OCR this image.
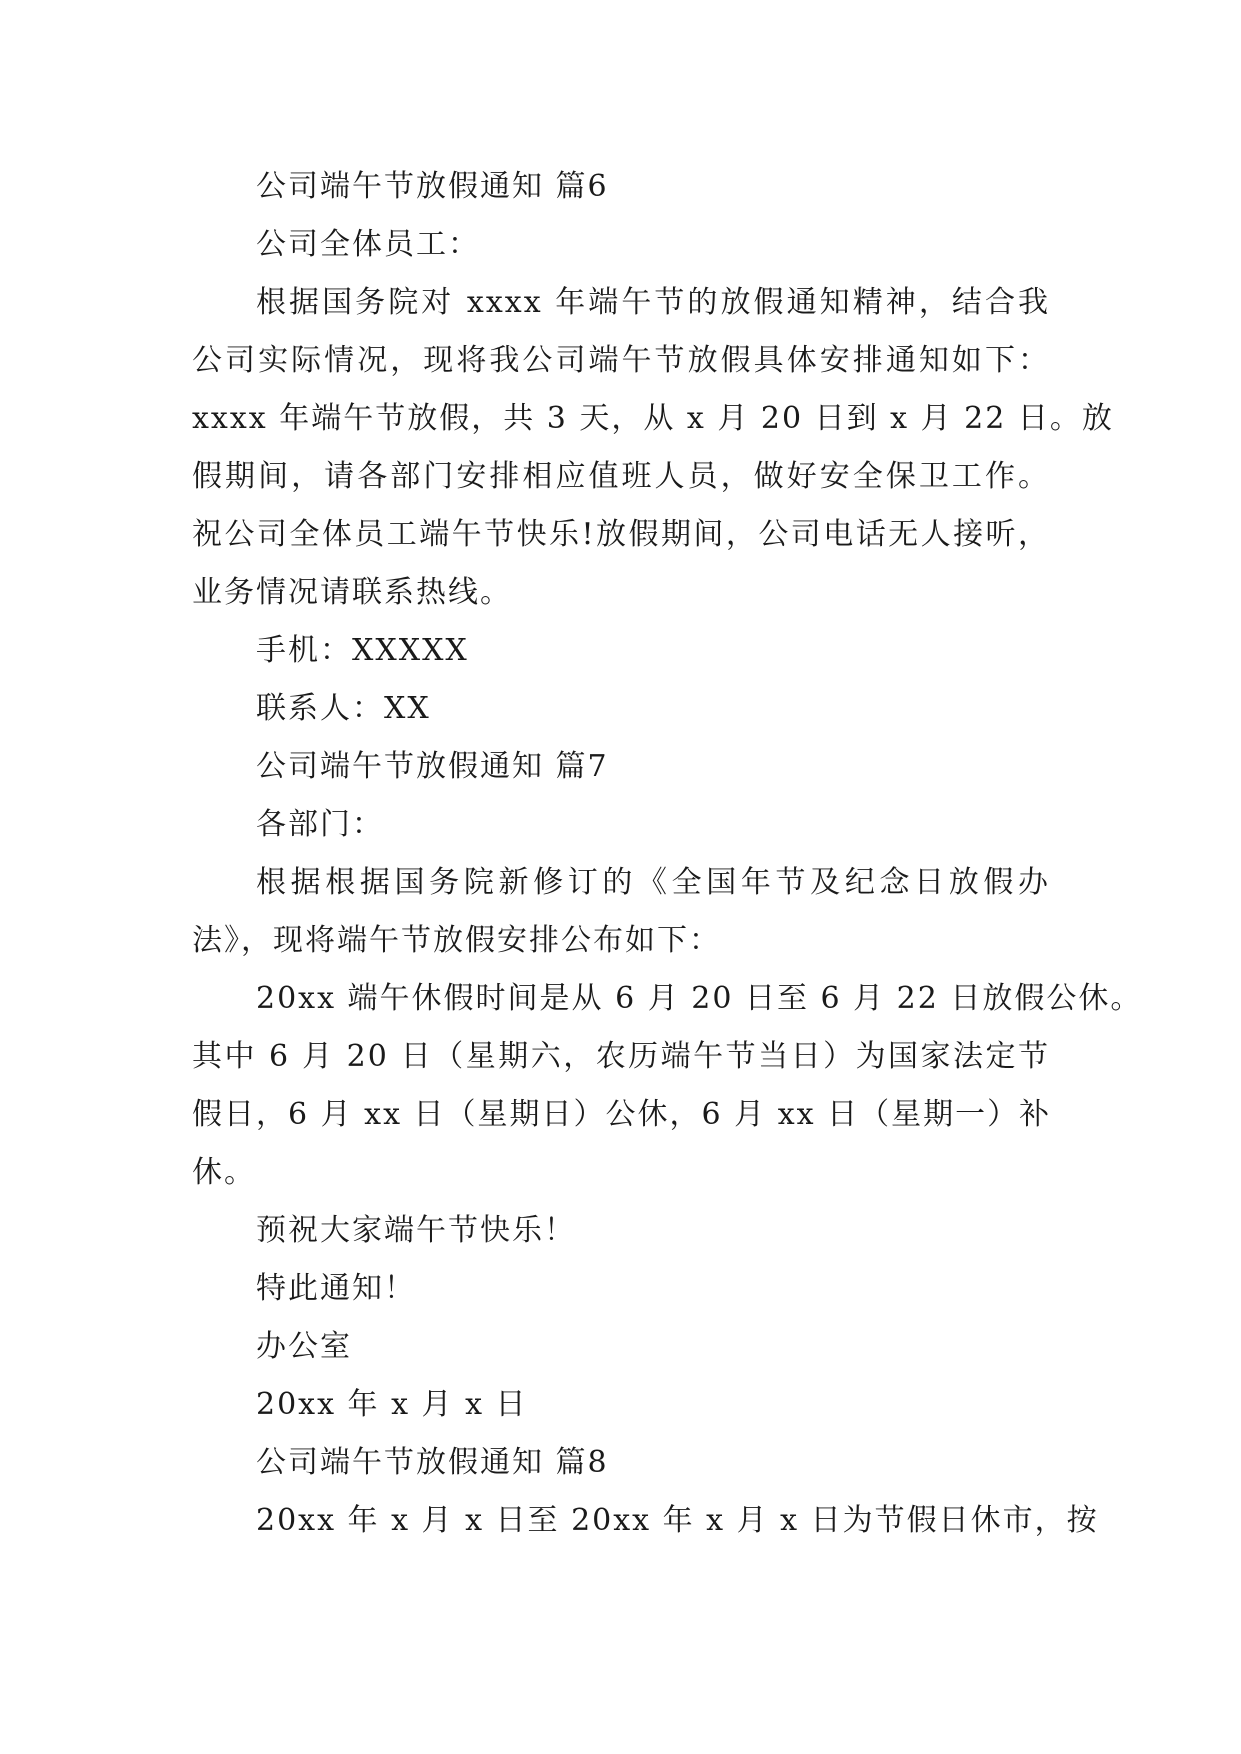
公司端午节放假通知 篇6
公司全体员工：
根据国务院对 xxxx 年端午节的放假通知精神，结合我
公司实际情况，现将我公司端午节放假具体安排通知如下：
xxxx 年端午节放假，共 3 天，从 x 月 20 日到 x 月 22 日。放
假期间，请各部门安排相应值班人员，做好安全保卫工作。
祝公司全体员工端午节快乐!放假期间，公司电话无人接听，
业务情况请联系热线。
手机：XXXXX
联系人：XX
公司端午节放假通知 篇7
各部门：
根据根据国务院新修订的《全国年节及纪念日放假办
法》，现将端午节放假安排公布如下：
20xx 端午休假时间是从 6 月 20 日至 6 月 22 日放假公休。
其中 6 月 20 日（星期六，农历端午节当日）为国家法定节
假日，6 月 xx 日（星期日）公休，6 月 xx 日（星期一）补
休。
预祝大家端午节快乐！
特此通知！
办公室
20xx 年 x 月 x 日
公司端午节放假通知 篇8
20xx 年 x 月 x 日至 20xx 年 x 月 x 日为节假日休市，按
